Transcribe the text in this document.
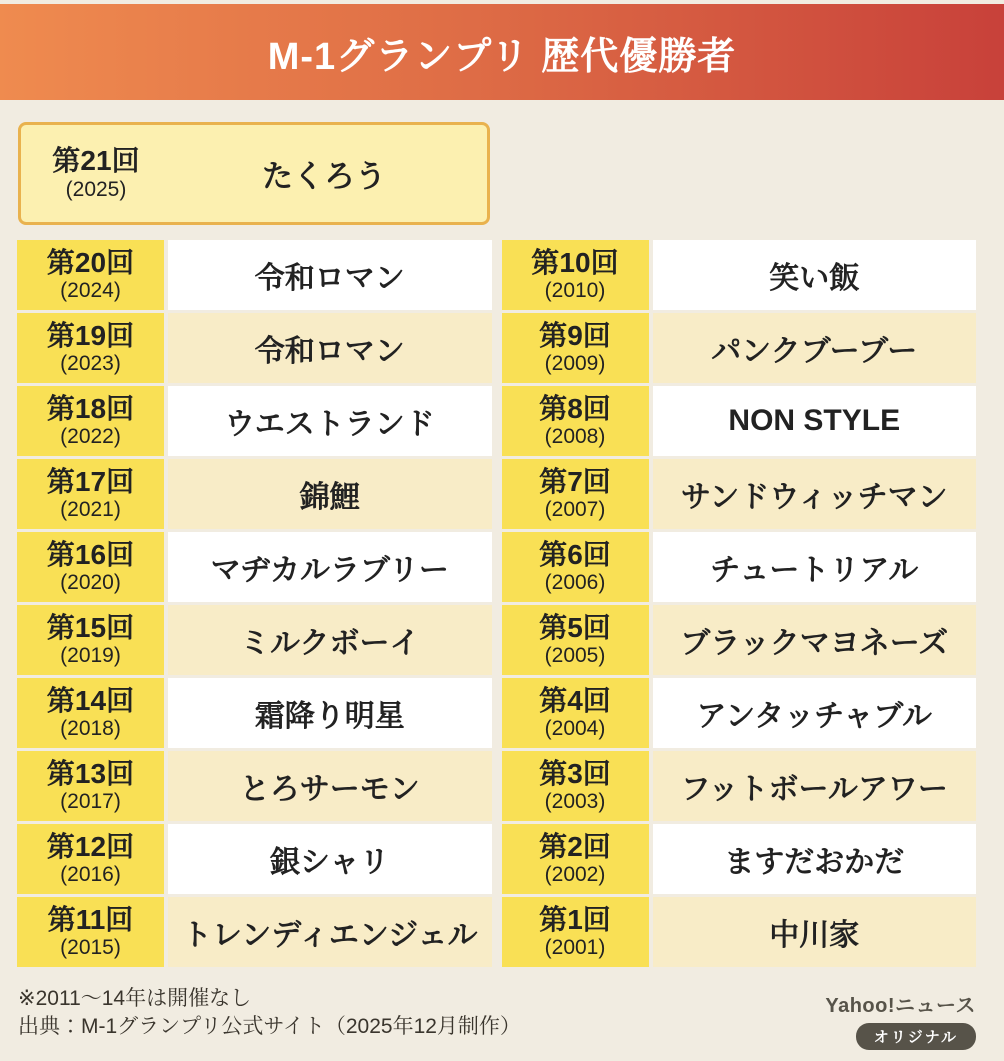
M-1グランプリ 歴代優勝者
第21回
(2025)	たくろう
第20回
(2024)	令和ロマン
第19回
(2023)	令和ロマン
第18回
(2022)	ウエストランド
第17回
(2021)	錦鯉
第16回
(2020)	マヂカルラブリー
第15回
(2019)	ミルクボーイ
第14回
(2018)	霜降り明星
第13回
(2017)	とろサーモン
第12回
(2016)	銀シャリ
第11回
(2015)	トレンディエンジェル
第10回
(2010)	笑い飯
第9回
(2009)	パンクブーブー
第8回
(2008)	NON STYLE
第7回
(2007)	サンドウィッチマン
第6回
(2006)	チュートリアル
第5回
(2005)	ブラックマヨネーズ
第4回
(2004)	アンタッチャブル
第3回
(2003)	フットボールアワー
第2回
(2002)	ますだおかだ
第1回
(2001)	中川家
※2011〜14年は開催なし
出典：M-1グランプリ公式サイト（2025年12月制作）
Yahoo!ニュース
オリジナル
